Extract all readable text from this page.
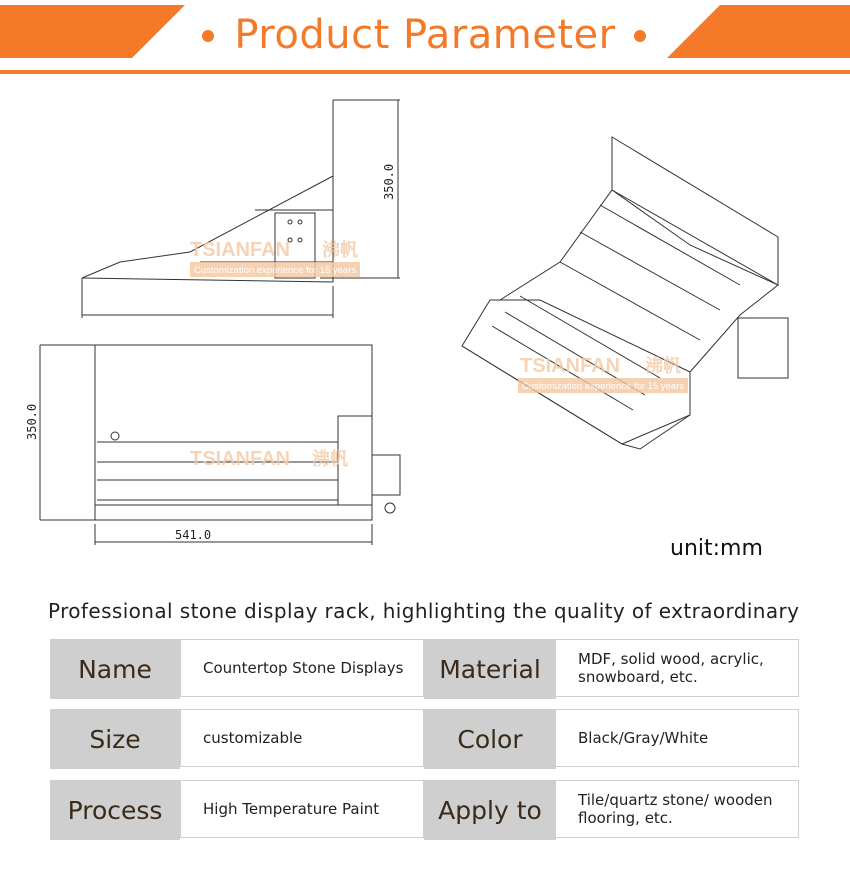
Product Parameter
350.0
350.0
541.0
TSIANFAN 沸帆
Customization experience for 15 years
TSIANFAN 沸帆
TSIANFAN 沸帆
Customization experience for 15 years
unit:mm
Professional stone display rack, highlighting the quality of extraordinary
Name	Countertop Stone Displays	Material	MDF, solid wood, acrylic, snowboard, etc.
Size	customizable	Color	Black/Gray/White
Process	High Temperature Paint	Apply to	Tile/quartz stone/ wooden flooring, etc.
